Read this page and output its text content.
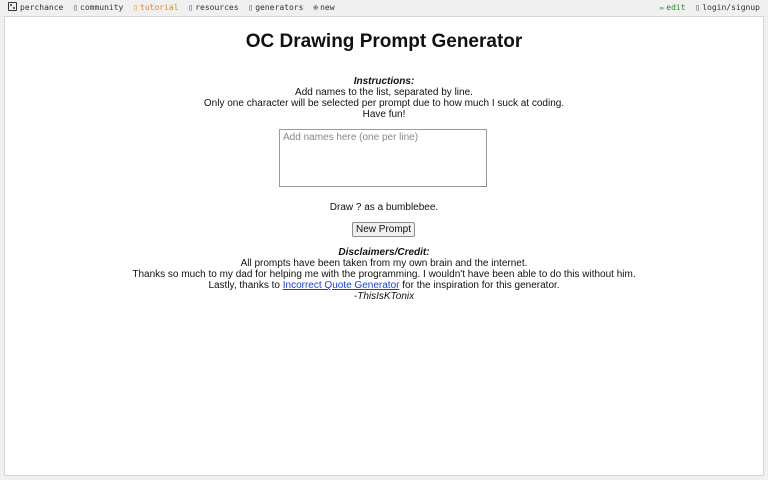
perchance ▯ community ▯ tutorial ▯ resources ▯ generators ⊕ new	✏ edit ▯ login/signup
OC Drawing Prompt Generator
Instructions:
Add names to the list, separated by line.
Only one character will be selected per prompt due to how much I suck at coding.
Have fun!
Add names here (one per line)
Draw ? as a bumblebee.
New Prompt
Disclaimers/Credit:
All prompts have been taken from my own brain and the internet.
Thanks so much to my dad for helping me with the programming. I wouldn't have been able to do this without him.
Lastly, thanks to Incorrect Quote Generator for the inspiration for this generator.
-ThisIsKTonix
